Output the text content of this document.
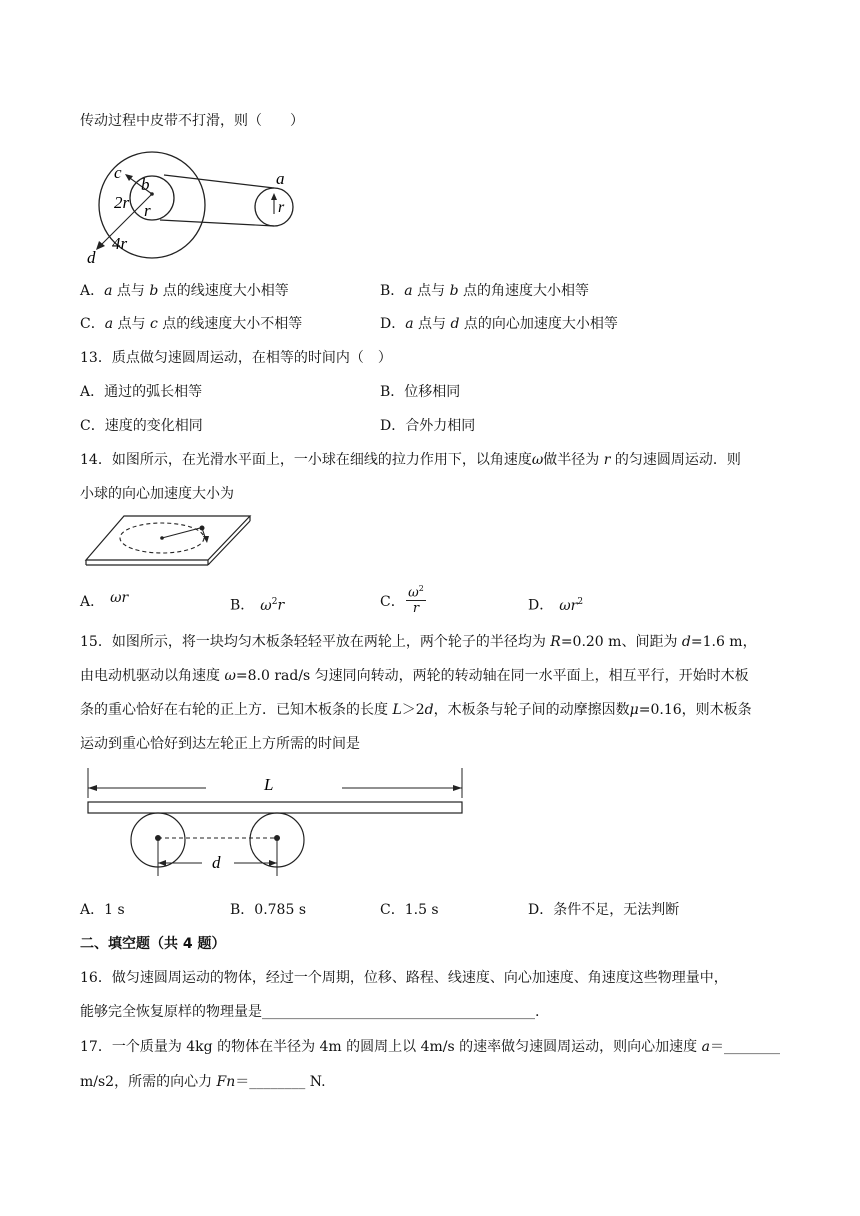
传动过程中皮带不打滑，则（　　）
c
b
2r r
4r
d
a
r
A．a 点与 b 点的线速度大小相等	B．a 点与 b 点的角速度大小相等
C．a 点与 c 点的线速度大小不相等	D．a 点与 d 点的向心加速度大小相等
13．质点做匀速圆周运动，在相等的时间内（　）
A．通过的弧长相等	B．位移相同
C．速度的变化相同	D．合外力相同
14．如图所示，在光滑水平面上，一小球在细线的拉力作用下，以角速度ω做半径为 r 的匀速圆周运动．则
小球的向心加速度大小为
A． ωr	B． $\omega^2r$	C．
$\omega^2$
r	D． $\omega r^2$
15．如图所示，将一块均匀木板条轻轻平放在两轮上，两个轮子的半径均为 R=0.20 m、间距为 d=1.6 m，
由电动机驱动以角速度 ω=8.0 rad/s 匀速同向转动，两轮的转动轴在同一水平面上，相互平行，开始时木板
条的重心恰好在右轮的正上方．已知木板条的长度 L＞2d，木板条与轮子间的动摩擦因数μ=0.16，则木板条
运动到重心恰好到达左轮正上方所需的时间是
L
d
A．1 s	B．0.785 s	C．1.5 s	D．条件不足，无法判断
二、填空题（共 4 题）
16．做匀速圆周运动的物体，经过一个周期，位移、路程、线速度、向心加速度、角速度这些物理量中，
能够完全恢复原样的物理量是_______________________________________.
17．一个质量为 4kg 的物体在半径为 4m 的圆周上以 4m/s 的速率做匀速圆周运动，则向心加速度 a＝________
m/s2，所需的向心力 Fn＝________ N.
